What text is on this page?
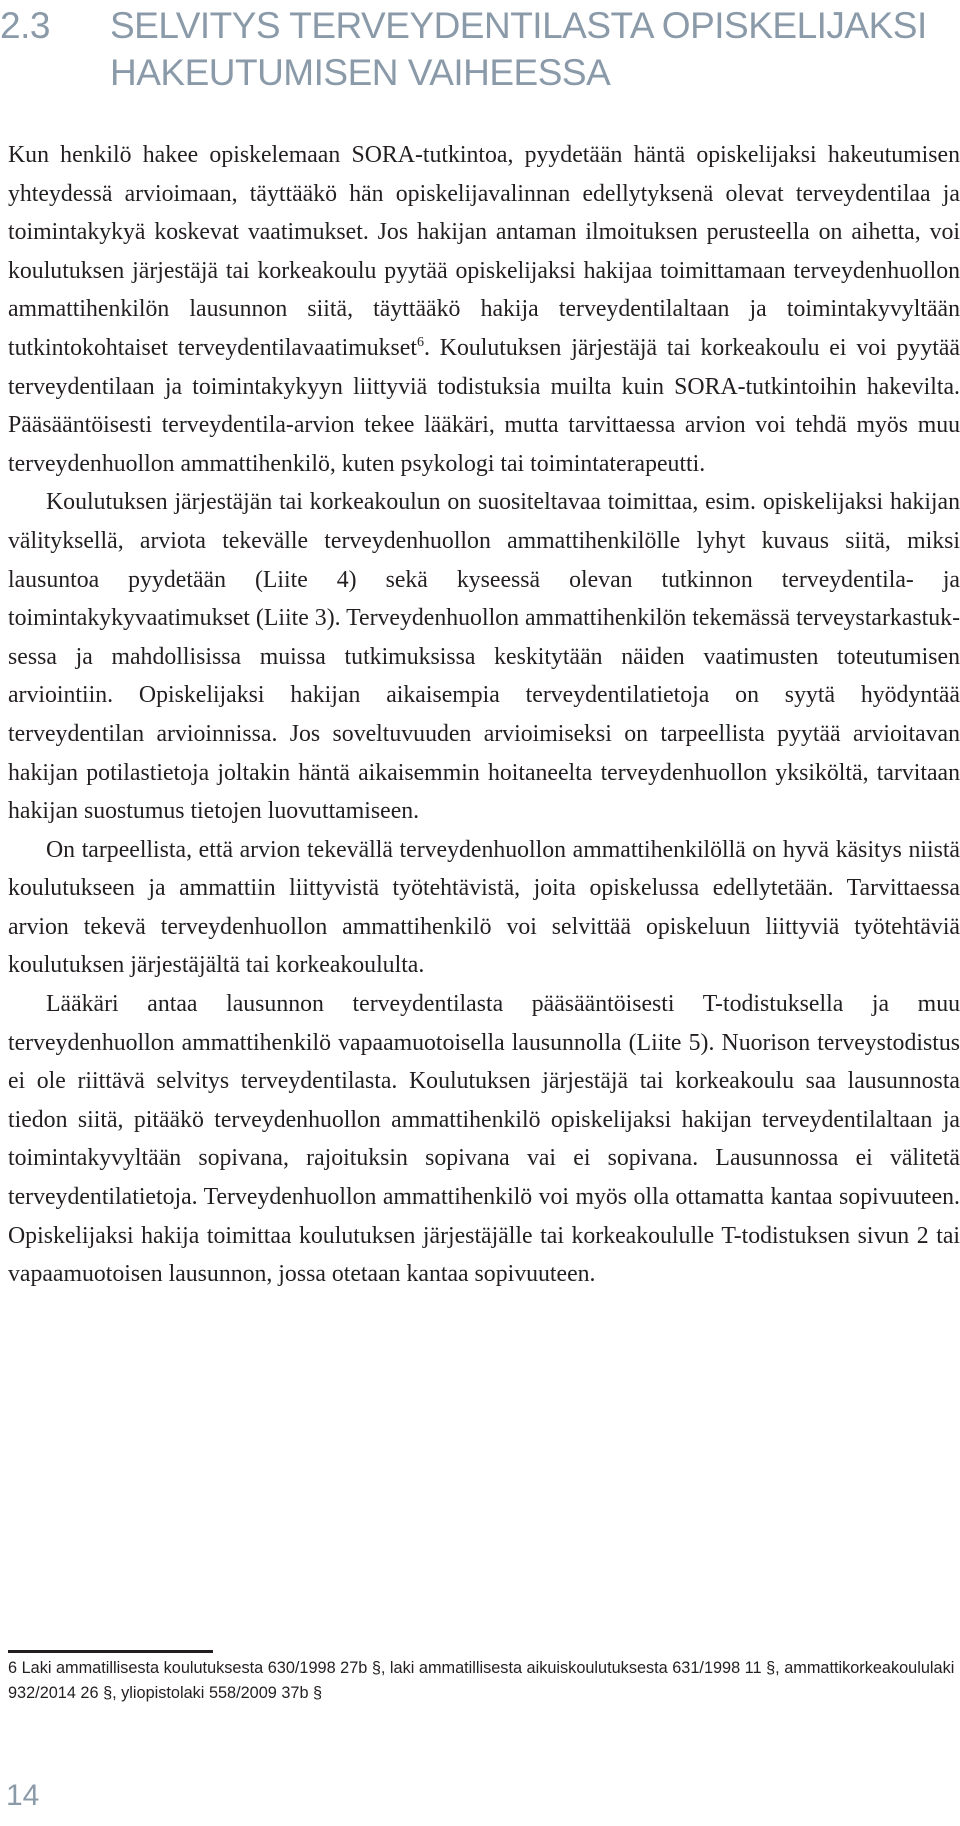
2.3 SELVITYS TERVEYDENTILASTA OPISKELIJAKSI
HAKEUTUMISEN VAIHEESSA

Kun henkilö hakee opiskelemaan SORA-tutkintoa, pyydetään häntä opiskelijaksi hakeutumisen yhteydessä arvioimaan, täyttääkö hän opiskelijavalinnan edellytyksenä olevat terveydentilaa ja toimintakykyä koskevat vaatimukset. Jos hakijan antaman ilmoituksen perusteella on aihetta, voi koulutuksen järjestäjä tai korkeakoulu pyytää opiskelijaksi hakijaa toimittamaan terveydenhuollon ammattihenkilön lausunnon siitä, täyttääkö hakija terveydentilaltaan ja toimintakyvyltään tutkintokohtaiset terveydentilavaatimukset$^6$. Koulutuksen järjestäjä tai korkeakoulu ei voi pyytää terveydentilaan ja toimintakykyyn liittyviä todistuksia muilta kuin SORA-tutkintoihin hakevilta. Pääsääntöisesti terveydentila-arvion tekee lääkäri, mutta tarvittaessa arvion voi tehdä myös muu terveydenhuollon ammattihenkilö, kuten psykologi tai toimintaterapeutti.

Koulutuksen järjestäjän tai korkeakoulun on suositeltavaa toimittaa, esim. opiskelijaksi hakijan välityksellä, arviota tekevälle terveydenhuollon ammattihenkilölle lyhyt kuvaus siitä, miksi lausuntoa pyydetään (Liite 4) sekä kyseessä olevan tutkinnon terveydentila- ja toimintakykyvaatimukset (Liite 3). Terveydenhuollon ammattihenkilön tekemässä terveystarkastuksessa ja mahdollisissa muissa tutkimuksissa keskitytään näiden vaatimusten toteutumisen arviointiin. Opiskelijaksi hakijan aikaisempia terveydentilatietoja on syytä hyödyntää terveydentilan arvioinnissa. Jos soveltuvuuden arvioimiseksi on tarpeellista pyytää arvioitavan hakijan potilastietoja joltakin häntä aikaisemmin hoitaneelta terveydenhuollon yksiköltä, tarvitaan hakijan suostumus tietojen luovuttamiseen.

On tarpeellista, että arvion tekevällä terveydenhuollon ammattihenkilöllä on hyvä käsitys niistä koulutukseen ja ammattiin liittyvistä työtehtävistä, joita opiskelussa edellytetään. Tarvittaessa arvion tekevä terveydenhuollon ammattihenkilö voi selvittää opiskeluun liittyviä työtehtäviä koulutuksen järjestäjältä tai korkeakoululta.

Lääkäri antaa lausunnon terveydentilasta pääsääntöisesti T-todistuksella ja muu terveydenhuollon ammattihenkilö vapaamuotoisella lausunnolla (Liite 5). Nuorison terveystodistus ei ole riittävä selvitys terveydentilasta. Koulutuksen järjestäjä tai korkeakoulu saa lausunnosta tiedon siitä, pitääkö terveydenhuollon ammattihenkilö opiskelijaksi hakijan terveydentilaltaan ja toimintakyvyltään sopivana, rajoituksin sopivana vai ei sopivana. Lausunnossa ei välitetä terveydentilatietoja. Terveydenhuollon ammattihenkilö voi myös olla ottamatta kantaa sopivuuteen. Opiskelijaksi hakija toimittaa koulutuksen järjestäjälle tai korkeakoululle T-todistuksen sivun 2 tai vapaamuotoisen lausunnon, jossa otetaan kantaa sopivuuteen.

6 Laki ammatillisesta koulutuksesta 630/1998 27b §, laki ammatillisesta aikuiskoulutuksesta 631/1998 11 §, ammattikorkeakoululaki 932/2014 26 §, yliopistolaki 558/2009 37b §
14
